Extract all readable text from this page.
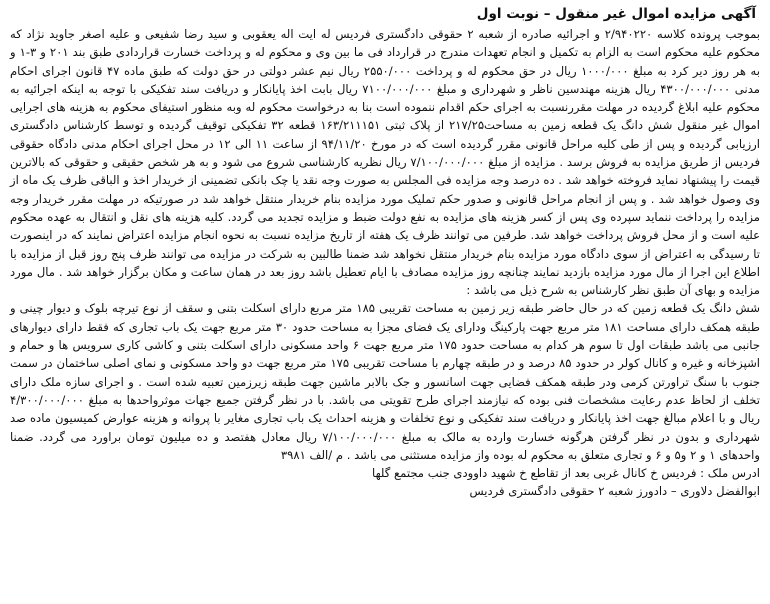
آگهی مزایده اموال غیر منقول – نوبت اول

بموجب پرونده کلاسه ۲/۹۴۰۲۲۰ و اجرائیه صادره از شعبه ۲ حقوقی دادگستری فردیس له ایت اله یعقوبی و سید رضا شفیعی و علیه اصغر جاوید نژاد که محکوم علیه محکوم است به الزام به تکمیل و انجام تعهدات مندرج در قرارداد فی ما بین وی و محکوم له و پرداخت خسارت قراردادی طبق بند ۲۰۱ و ۳-۱ و به هر روز دیر کرد به مبلغ ۱۰۰۰/۰۰۰ ریال در حق محکوم له و پرداخت ۲۵۵۰/۰۰۰ ریال نیم عشر دولتی در حق دولت که طبق ماده ۴۷ قانون اجرای احکام مدنی ۴۳۰۰/۰۰۰/۰۰۰ ریال هزینه مهندسین ناظر و شهرداری و مبلغ ۷۱۰۰/۰۰۰/۰۰۰ ریال بابت اخذ پایانکار و دریافت سند تفکیکی با توجه به اینکه اجرائیه به محکوم علیه ابلاغ گردیده در مهلت مقررنسبت به اجرای حکم اقدام ننموده است بنا به درخواست محکوم له وبه منظور استیفای محکوم به هزینه های اجرایی اموال غیر منقول شش دانگ یک قطعه زمین به مساحت۲۱۷/۲۵ از پلاک ثبتی ۱۶۳/۲۱۱۱۵۱ قطعه ۳۲ تفکیکی توقیف گردیده و توسط کارشناس دادگستری ارزیابی گردیده و پس از طی کلیه مراحل قانونی مقرر گردیده است که در مورخ ۹۴/۱۱/۲۰ از ساعت ۱۱ الی ۱۲ در محل اجرای احکام مدنی دادگاه حقوقی فردیس از طریق مزایده به فروش برسد . مزایده از مبلغ ۷/۱۰۰/۰۰۰/۰۰۰ ریال نظریه کارشناسی شروع می شود و به هر شخص حقیقی و حقوقی که بالاترین قیمت را پیشنهاد نماید فروخته خواهد شد . ده درصد وجه مزایده فی المجلس به صورت وجه نقد یا چک بانکی تضمینی از خریدار اخذ و الباقی ظرف یک ماه از وی وصول خواهد شد . و پس از انجام مراحل قانونی و صدور حکم تملیک مورد مزایده بنام خریدار منتقل خواهد شد در صورتیکه در مهلت مقرر خریدار وجه مزایده را پرداخت ننماید سپرده وی پس از کسر هزینه های مزایده به نفع دولت ضبط و مزایده تجدید می گردد. کلیه هزینه های نقل و انتقال به عهده محکوم علیه است و از محل فروش پرداخت خواهد شد. طرفین می توانند ظرف یک هفته از تاریخ مزایده نسبت به نحوه انجام مزایده اعتراض نمایند که در اینصورت تا رسیدگی به اعتراض از سوی دادگاه مورد مزایده بنام خریدار منتقل نخواهد شد ضمنا طالبین به شرکت در مزایده می توانند ظرف پنج روز قبل از مزایده با اطلاع این اجرا از مال مورد مزایده بازدید نمایند چنانچه روز مزایده مصادف با ایام تعطیل باشد روز بعد در همان ساعت و مکان برگزار خواهد شد . مال مورد مزایده و بهای آن طبق نظر کارشناس به شرح ذیل می باشد :

شش دانگ یک قطعه زمین که در حال حاضر طبقه زیر زمین به مساحت تقریبی ۱۸۵ متر مربع دارای اسکلت بتنی و سقف از نوع تیرچه بلوک و دیوار چینی و طبقه همکف دارای مساحت ۱۸۱ متر مربع جهت پارکینگ ودارای یک فضای مجزا به مساحت حدود ۳۰ متر مربع جهت یک باب تجاری که فقط دارای دیوارهای جانبی می باشد طبقات اول تا سوم هر کدام به مساحت حدود ۱۷۵ متر مربع جهت ۶ واحد مسکونی دارای اسکلت بتنی و کاشی کاری سرویس ها و حمام و اشپزخانه و غیره و کانال کولر در حدود ۸۵ درصد و در طبقه چهارم با مساحت تقریبی ۱۷۵ متر مربع جهت دو واحد مسکونی و نمای اصلی ساختمان در سمت جنوب با سنگ تراورتن کرمی ودر طبقه همکف فضایی جهت اسانسور و جک بالابر ماشین جهت طبقه زیرزمین تعبیه شده است . و اجرای سازه ملک دارای تخلف از لحاظ عدم رعایت مشخصات فنی بوده که نیازمند اجرای طرح تقویتی می باشد. با در نظر گرفتن جمیع جهات موثرواحدها به مبلغ ۴/۳۰۰/۰۰۰/۰۰۰ ریال و با اعلام مبالغ جهت اخذ پایانکار و دریافت سند تفکیکی و نوع تخلفات و هزینه احداث یک باب تجاری مغایر با پروانه و هزینه عوارض کمیسیون ماده صد شهرداری و بدون در نظر گرفتن هرگونه خسارت وارده به مالک به مبلغ ۷/۱۰۰/۰۰۰/۰۰۰ ریال معادل هفتصد و ده میلیون تومان براورد می گردد. ضمنا واحدهای ۱ و ۲ و۵ و ۶ و تجاری متعلق به محکوم له بوده واز مزایده مستثنی می باشد . م /الف ۳۹۸۱

ادرس ملک : فردیس خ کانال غربی بعد از تقاطع خ شهید داوودی جنب مجتمع گلها

ابوالفضل دلاوری – دادورز شعبه ۲ حقوقی دادگستری فردیس
